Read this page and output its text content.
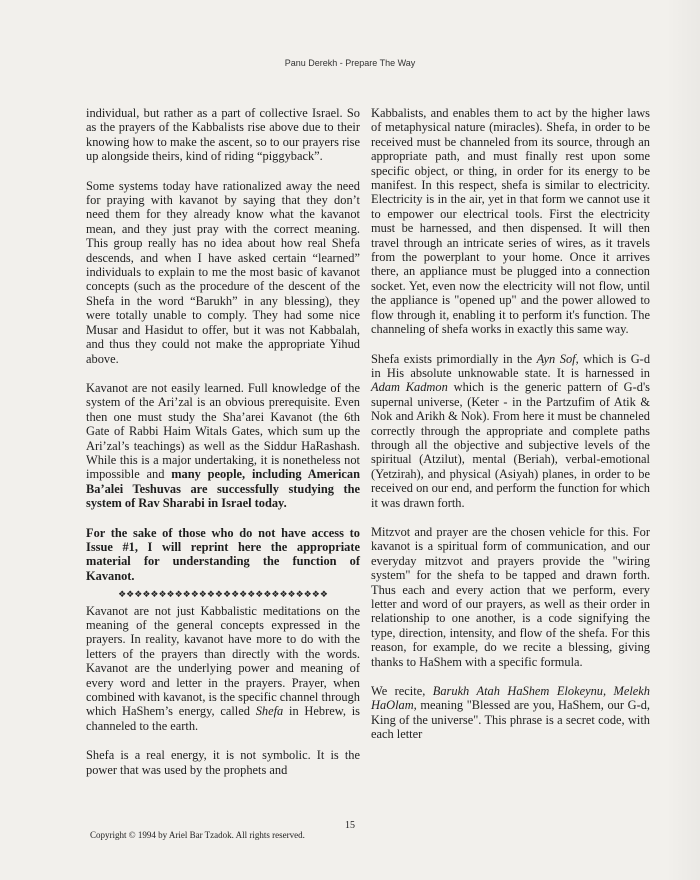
Panu Derekh - Prepare The Way

individual, but rather as a part of collective Israel. So as the prayers of the Kabbalists rise above due to their knowing how to make the ascent, so to our prayers rise up alongside theirs, kind of riding “piggyback”.

Some systems today have rationalized away the need for praying with kavanot by saying that they don’t need them for they already know what the kavanot mean, and they just pray with the correct meaning. This group really has no idea about how real Shefa descends, and when I have asked certain “learned” individuals to explain to me the most basic of kavanot concepts (such as the procedure of the descent of the Shefa in the word “Barukh” in any blessing), they were totally unable to comply. They had some nice Musar and Hasidut to offer, but it was not Kabbalah, and thus they could not make the appropriate Yihud above.

Kavanot are not easily learned. Full knowledge of the system of the Ari’zal is an obvious prerequisite. Even then one must study the Sha’arei Kavanot (the 6th Gate of Rabbi Haim Witals Gates, which sum up the Ari’zal’s teachings) as well as the Siddur HaRashash. While this is a major undertaking, it is nonetheless not impossible and many people, including American Ba’alei Teshuvas are successfully studying the system of Rav Sharabi in Israel today.

For the sake of those who do not have access to Issue #1, I will reprint here the appropriate material for understanding the function of Kavanot.

❖❖❖❖❖❖❖❖❖❖❖❖❖❖❖❖❖❖❖❖❖❖❖❖❖❖

Kavanot are not just Kabbalistic meditations on the meaning of the general concepts expressed in the prayers. In reality, kavanot have more to do with the letters of the prayers than directly with the words. Kavanot are the underlying power and meaning of every word and letter in the prayers. Prayer, when combined with kavanot, is the specific channel through which HaShem’s energy, called Shefa in Hebrew, is channeled to the earth.

Shefa is a real energy, it is not symbolic. It is the power that was used by the prophets and

Kabbalists, and enables them to act by the higher laws of metaphysical nature (miracles). Shefa, in order to be received must be channeled from its source, through an appropriate path, and must finally rest upon some specific object, or thing, in order for its energy to be manifest. In this respect, shefa is similar to electricity. Electricity is in the air, yet in that form we cannot use it to empower our electrical tools. First the electricity must be harnessed, and then dispensed. It will then travel through an intricate series of wires, as it travels from the powerplant to your home. Once it arrives there, an appliance must be plugged into a connection socket. Yet, even now the electricity will not flow, until the appliance is "opened up" and the power allowed to flow through it, enabling it to perform it's function. The channeling of shefa works in exactly this same way.

Shefa exists primordially in the Ayn Sof, which is G-d in His absolute unknowable state. It is harnessed in Adam Kadmon which is the generic pattern of G-d's supernal universe, (Keter - in the Partzufim of Atik & Nok and Arikh & Nok). From here it must be channeled correctly through the appropriate and complete paths through all the objective and subjective levels of the spiritual (Atzilut), mental (Beriah), verbal-emotional (Yetzirah), and physical (Asiyah) planes, in order to be received on our end, and perform the function for which it was drawn forth.

Mitzvot and prayer are the chosen vehicle for this. For kavanot is a spiritual form of communication, and our everyday mitzvot and prayers provide the "wiring system" for the shefa to be tapped and drawn forth. Thus each and every action that we perform, every letter and word of our prayers, as well as their order in relationship to one another, is a code signifying the type, direction, intensity, and flow of the shefa. For this reason, for example, do we recite a blessing, giving thanks to HaShem with a specific formula.

We recite, Barukh Atah HaShem Elokeynu, Melekh HaOlam, meaning "Blessed are you, HaShem, our G-d, King of the universe". This phrase is a secret code, with each letter

15
Copyright © 1994 by Ariel Bar Tzadok. All rights reserved.
